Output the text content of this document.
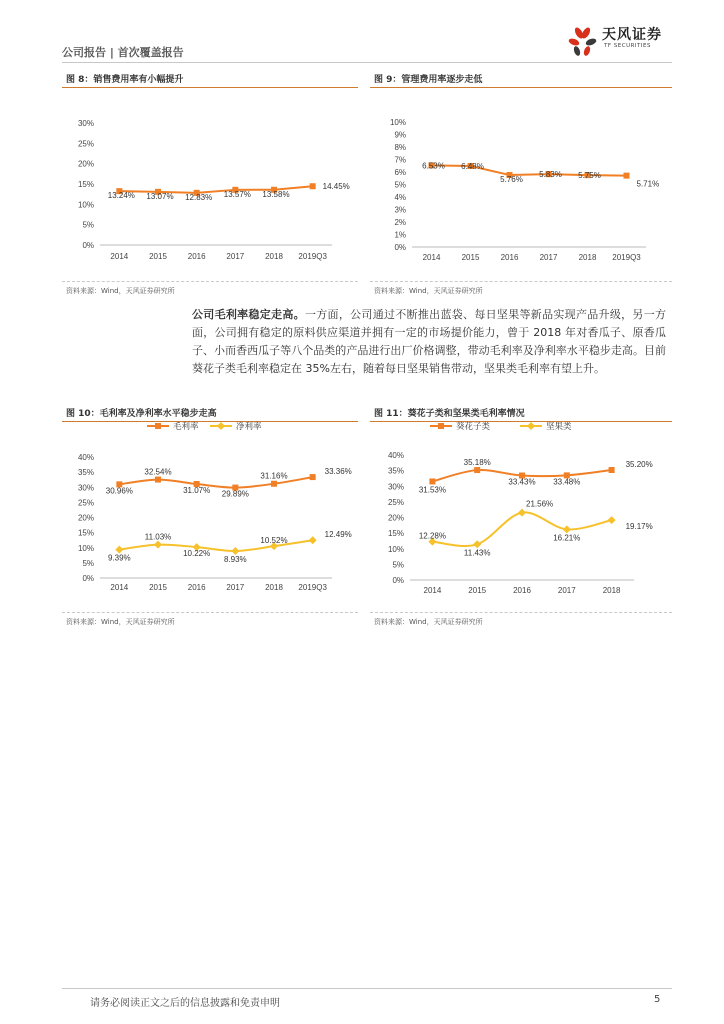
公司报告 | 首次覆盖报告
天风证券
TF SECURITIES
图 8：销售费用率有小幅提升
0%
5%
10%
15%
20%
25%
30%
2014	2015	2016	2017	2018 2019Q3
13.24% 13.07% 12.83% 13.57% 13.58%
14.45%
资料来源：Wind，天风证券研究所
图 9：管理费用率逐步走低
0%
1%
2%
3%
4%
5%
6%
7%
8%
9%
10%
2014	2015	2016	2017	2018 2019Q3
6.53% 6.48%
5.76%
5.83% 5.75%
5.71%
资料来源：Wind，天风证券研究所
公司毛利率稳定走高。一方面，公司通过不断推出蓝袋、每日坚果等新品实现产品升级，另一方面，公司拥有稳定的原料供应渠道并拥有一定的市场提价能力，曾于 2018 年对香瓜子、原香瓜子、小而香西瓜子等八个品类的产品进行出厂价格调整，带动毛利率及净利率水平稳步走高。目前葵花子类毛利率稳定在 35%左右，随着每日坚果销售带动，坚果类毛利率有望上升。
图 10：毛利率及净利率水平稳步走高
0%
5%
10%
15%
20%
25%
30%
35%
40%
2014	2015	2016	2017	2018 2019Q3
毛利率	净利率
30.96%
32.54%
31.07% 29.89%
31.16%
33.36%
9.39%
11.03%
10.22%
8.93%
10.52%
12.49%
资料来源：Wind，天风证券研究所
图 11：葵花子类和坚果类毛利率情况
0%
5%
10%
15%
20%
25%
30%
35%
40%
2014	2015	2016	2017	2018
葵花子类	坚果类
31.53%
35.18%
33.43% 33.48%
35.20%
12.28%
11.43%
21.56%
16.21%
19.17%
资料来源：Wind，天风证券研究所
请务必阅读正文之后的信息披露和免责申明	5
